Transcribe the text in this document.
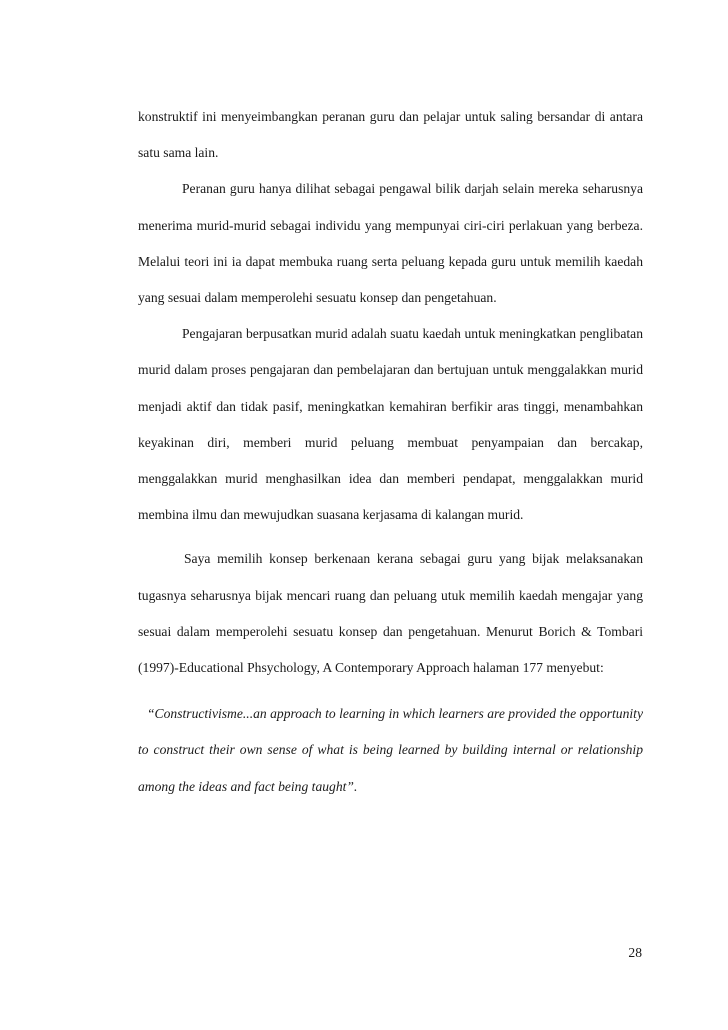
konstruktif ini menyeimbangkan peranan guru dan pelajar untuk saling bersandar di antara satu sama lain.

Peranan guru hanya dilihat sebagai pengawal bilik darjah selain mereka seharusnya menerima murid-murid sebagai individu yang mempunyai ciri-ciri perlakuan yang berbeza. Melalui teori ini ia dapat membuka ruang serta peluang kepada guru untuk memilih kaedah yang sesuai dalam memperolehi sesuatu konsep dan pengetahuan.

Pengajaran berpusatkan murid adalah suatu kaedah untuk meningkatkan penglibatan murid dalam proses pengajaran dan pembelajaran dan bertujuan untuk menggalakkan murid menjadi aktif dan tidak pasif, meningkatkan kemahiran berfikir aras tinggi, menambahkan keyakinan diri, memberi murid peluang membuat penyampaian dan bercakap, menggalakkan murid menghasilkan idea dan memberi pendapat, menggalakkan murid membina ilmu dan mewujudkan suasana kerjasama di kalangan murid.

Saya memilih konsep berkenaan kerana sebagai guru yang bijak melaksanakan tugasnya seharusnya bijak mencari ruang dan peluang utuk memilih kaedah mengajar yang sesuai dalam memperolehi sesuatu konsep dan pengetahuan. Menurut Borich & Tombari (1997)-Educational Phsychology, A Contemporary Approach halaman 177 menyebut:

“Constructivisme...an approach to learning in which learners are provided the opportunity to construct their own sense of what is being learned by building internal or relationship among the ideas and fact being taught”.

28
